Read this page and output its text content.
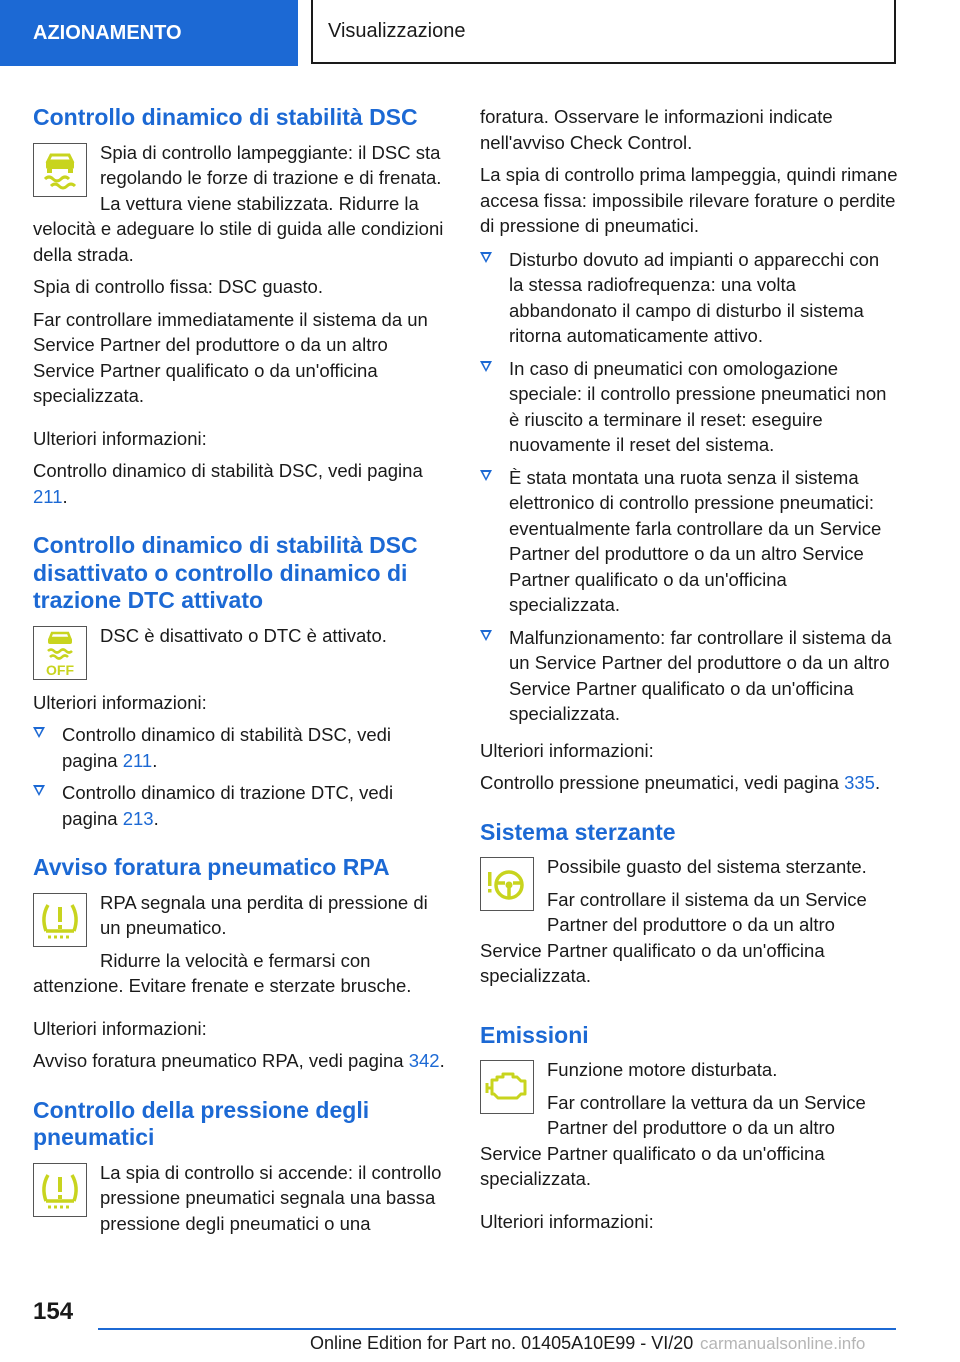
AZIONAMENTO	Visualizzazione
Controllo dinamico di stabilità DSC

Spia di controllo lampeggiante: il DSC sta regolando le forze di trazione e di frenata. La vettura viene stabilizzata. Ridurre la velocità e adeguare lo stile di guida alle condizioni della strada.

Spia di controllo fissa: DSC guasto.

Far controllare immediatamente il sistema da un Service Partner del produttore o da un altro Service Partner qualificato o da un'officina specializzata.

Ulteriori informazioni:

Controllo dinamico di stabilità DSC, vedi pagina 211.

Controllo dinamico di stabilità DSC disattivato o controllo dinamico di trazione DTC attivato
OFF

DSC è disattivato o DTC è attivato.

Ulteriori informazioni:

Controllo dinamico di stabilità DSC, vedi pagina 211.
Controllo dinamico di trazione DTC, vedi pagina 213.
Avviso foratura pneumatico RPA

RPA segnala una perdita di pressione di un pneumatico.

Ridurre la velocità e fermarsi con attenzione. Evitare frenate e sterzate brusche.

Ulteriori informazioni:

Avviso foratura pneumatico RPA, vedi pagina 342.

Controllo della pressione degli pneumatici

La spia di controllo si accende: il controllo pressione pneumatici segnala una bassa pressione degli pneumatici o una

foratura. Osservare le informazioni indicate nell'avviso Check Control.

La spia di controllo prima lampeggia, quindi rimane accesa fissa: impossibile rilevare forature o perdite di pressione di pneumatici.

Disturbo dovuto ad impianti o apparecchi con la stessa radiofrequenza: una volta abbandonato il campo di disturbo il sistema ritorna automaticamente attivo.
In caso di pneumatici con omologazione speciale: il controllo pressione pneumatici non è riuscito a terminare il reset: eseguire nuovamente il reset del sistema.
È stata montata una ruota senza il sistema elettronico di controllo pressione pneumatici: eventualmente farla controllare da un Service Partner del produttore o da un altro Service Partner qualificato o da un'officina specializzata.
Malfunzionamento: far controllare il sistema da un Service Partner del produttore o da un altro Service Partner qualificato o da un'officina specializzata.

Ulteriori informazioni:

Controllo pressione pneumatici, vedi pagina 335.

Sistema sterzante

Possibile guasto del sistema sterzante.

Far controllare il sistema da un Service Partner del produttore o da un altro Service Partner qualificato o da un'officina specializzata.

Emissioni

Funzione motore disturbata.

Far controllare la vettura da un Service Partner del produttore o da un altro Service Partner qualificato o da un'officina specializzata.

Ulteriori informazioni:

154
Online Edition for Part no. 01405A10E99 - VI/20 carmanualsonline.info
